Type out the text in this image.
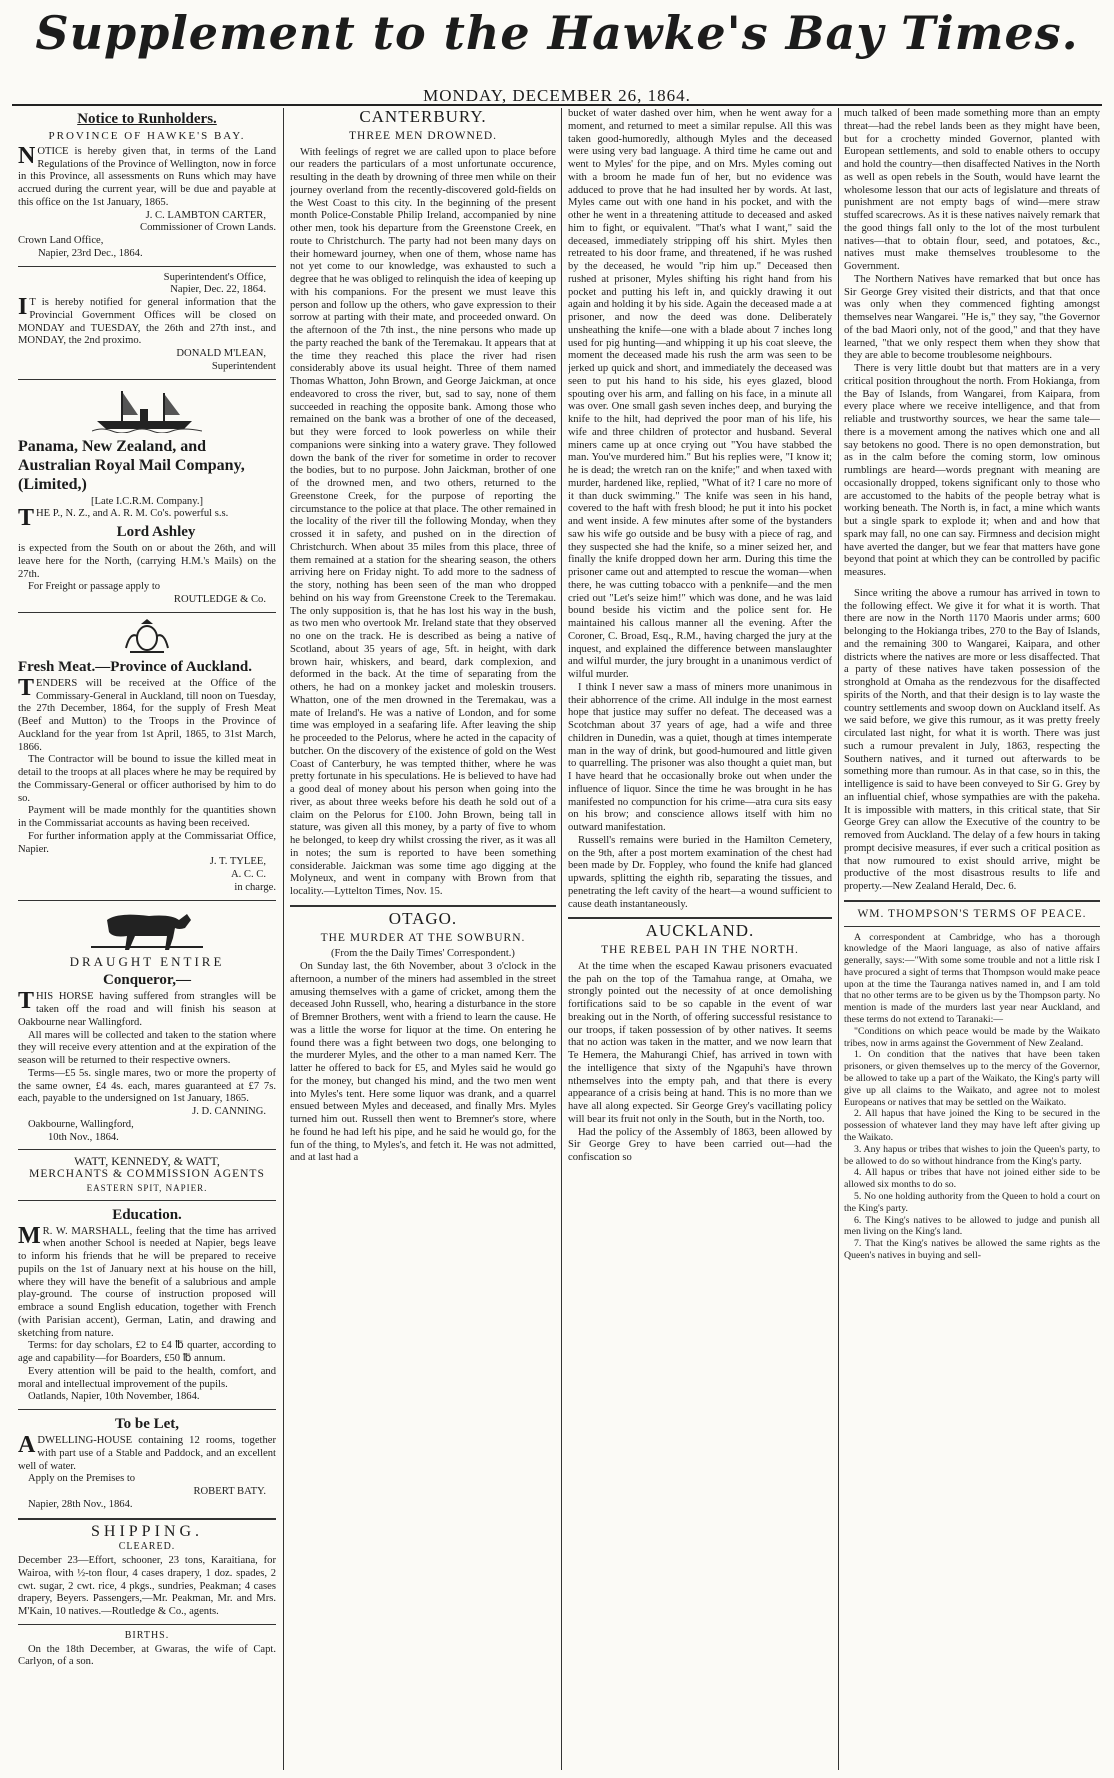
Supplement to the Hawke's Bay Times.
MONDAY, DECEMBER 26, 1864.
Notice to Runholders.
PROVINCE OF HAWKE'S BAY.

NOTICE is hereby given that, in terms of the Land Regulations of the Province of Wellington, now in force in this Province, all assessments on Runs which may have accrued during the current year, will be due and payable at this office on the 1st January, 1865.

J. C. LAMBTON CARTER,

Commissioner of Crown Lands.

Crown Land Office,

Napier, 23rd Dec., 1864.

Superintendent's Office,

Napier, Dec. 22, 1864.

IT is hereby notified for general information that the Provincial Government Offices will be closed on MONDAY and TUESDAY, the 26th and 27th inst., and MONDAY, the 2nd proximo.

DONALD M'LEAN,

Superintendent

Panama, New Zealand, and Australian Royal Mail Company, (Limited,)

[Late I.C.R.M. Company.]

THE P., N. Z., and A. R. M. Co's. powerful s.s.

Lord Ashley

is expected from the South on or about the 26th, and will leave here for the North, (carrying H.M.'s Mails) on the 27th.

For Freight or passage apply to

ROUTLEDGE & Co.

Fresh Meat.—Province of Auckland.

TENDERS will be received at the Office of the Commissary-General in Auckland, till noon on Tuesday, the 27th December, 1864, for the supply of Fresh Meat (Beef and Mutton) to the Troops in the Province of Auckland for the year from 1st April, 1865, to 31st March, 1866.

The Contractor will be bound to issue the killed meat in detail to the troops at all places where he may be required by the Commissary-General or officer authorised by him to do so.

Payment will be made monthly for the quantities shown in the Commissariat accounts as having been received.

For further information apply at the Commissariat Office, Napier.

J. T. TYLEE,

A. C. C.

in charge.

DRAUGHT ENTIRE
Conqueror,—

THIS HORSE having suffered from strangles will be taken off the road and will finish his season at Oakbourne near Wallingford.

All mares will be collected and taken to the station where they will receive every attention and at the expiration of the season will be returned to their respective owners.

Terms—£5 5s. single mares, two or more the property of the same owner, £4 4s. each, mares guaranteed at £7 7s. each, payable to the undersigned on 1st January, 1865.

J. D. CANNING.

Oakbourne, Wallingford,

10th Nov., 1864.

WATT, KENNEDY, & WATT,
MERCHANTS & COMMISSION AGENTS
EASTERN SPIT, NAPIER.
Education.

MR. W. MARSHALL, feeling that the time has arrived when another School is needed at Napier, begs leave to inform his friends that he will be prepared to receive pupils on the 1st of January next at his house on the hill, where they will have the benefit of a salubrious and ample play-ground. The course of instruction proposed will embrace a sound English education, together with French (with Parisian accent), German, Latin, and drawing and sketching from nature.

Terms: for day scholars, £2 to £4 ℔ quarter, according to age and capability—for Boarders, £50 ℔ annum.

Every attention will be paid to the health, comfort, and moral and intellectual improvement of the pupils.

Oatlands, Napier, 10th November, 1864.

To be Let,

ADWELLING-HOUSE containing 12 rooms, together with part use of a Stable and Paddock, and an excellent well of water.

Apply on the Premises to

ROBERT BATY.

Napier, 28th Nov., 1864.

SHIPPING.
CLEARED.

December 23—Effort, schooner, 23 tons, Karaitiana, for Wairoa, with ½-ton flour, 4 cases drapery, 1 doz. spades, 2 cwt. sugar, 2 cwt. rice, 4 pkgs., sundries, Peakman; 4 cases drapery, Beyers. Passengers,—Mr. Peakman, Mr. and Mrs. M'Kain, 10 natives.—Routledge & Co., agents.

BIRTHS.

On the 18th December, at Gwaras, the wife of Capt. Carlyon, of a son.

CANTERBURY.
THREE MEN DROWNED.

With feelings of regret we are called upon to place before our readers the particulars of a most unfortunate occurence, resulting in the death by drowning of three men while on their journey overland from the recently-discovered gold-fields on the West Coast to this city. In the beginning of the present month Police-Constable Philip Ireland, accompanied by nine other men, took his departure from the Greenstone Creek, en route to Christchurch. The party had not been many days on their homeward journey, when one of them, whose name has not yet come to our knowledge, was exhausted to such a degree that he was obliged to relinquish the idea of keeping up with his companions. For the present we must leave this person and follow up the others, who gave expression to their sorrow at parting with their mate, and proceeded onward. On the afternoon of the 7th inst., the nine persons who made up the party reached the bank of the Teremakau. It appears that at the time they reached this place the river had risen considerably above its usual height. Three of them named Thomas Whatton, John Brown, and George Jaickman, at once endeavored to cross the river, but, sad to say, none of them succeeded in reaching the opposite bank. Among those who remained on the bank was a brother of one of the deceased, but they were forced to look powerless on while their companions were sinking into a watery grave. They followed down the bank of the river for sometime in order to recover the bodies, but to no purpose. John Jaickman, brother of one of the drowned men, and two others, returned to the Greenstone Creek, for the purpose of reporting the circumstance to the police at that place. The other remained in the locality of the river till the following Monday, when they crossed it in safety, and pushed on in the direction of Christchurch. When about 35 miles from this place, three of them remained at a station for the shearing season, the others arriving here on Friday night. To add more to the sadness of the story, nothing has been seen of the man who dropped behind on his way from Greenstone Creek to the Teremakau. The only supposition is, that he has lost his way in the bush, as two men who overtook Mr. Ireland state that they observed no one on the track. He is described as being a native of Scotland, about 35 years of age, 5ft. in height, with dark brown hair, whiskers, and beard, dark complexion, and deformed in the back. At the time of separating from the others, he had on a monkey jacket and moleskin trousers. Whatton, one of the men drowned in the Teremakau, was a mate of Ireland's. He was a native of London, and for some time was employed in a seafaring life. After leaving the ship he proceeded to the Pelorus, where he acted in the capacity of butcher. On the discovery of the existence of gold on the West Coast of Canterbury, he was tempted thither, where he was pretty fortunate in his speculations. He is believed to have had a good deal of money about his person when going into the river, as about three weeks before his death he sold out of a claim on the Pelorus for £100. John Brown, being tall in stature, was given all this money, by a party of five to whom he belonged, to keep dry whilst crossing the river, as it was all in notes; the sum is reported to have been something considerable. Jaickman was some time ago digging at the Molyneux, and went in company with Brown from that locality.—Lyttelton Times, Nov. 15.

OTAGO.
THE MURDER AT THE SOWBURN.

(From the the Daily Times' Correspondent.)

On Sunday last, the 6th November, about 3 o'clock in the afternoon, a number of the miners had assembled in the street amusing themselves with a game of cricket, among them the deceased John Russell, who, hearing a disturbance in the store of Bremner Brothers, went with a friend to learn the cause. He was a little the worse for liquor at the time. On entering he found there was a fight between two dogs, one belonging to the murderer Myles, and the other to a man named Kerr. The latter he offered to back for £5, and Myles said he would go for the money, but changed his mind, and the two men went into Myles's tent. Here some liquor was drank, and a quarrel ensued between Myles and deceased, and finally Mrs. Myles turned him out. Russell then went to Bremner's store, where he found he had left his pipe, and he said he would go, for the fun of the thing, to Myles's, and fetch it. He was not admitted, and at last had a

bucket of water dashed over him, when he went away for a moment, and returned to meet a similar repulse. All this was taken good-humoredly, although Myles and the deceased were using very bad language. A third time he came out and went to Myles' for the pipe, and on Mrs. Myles coming out with a broom he made fun of her, but no evidence was adduced to prove that he had insulted her by words. At last, Myles came out with one hand in his pocket, and with the other he went in a threatening attitude to deceased and asked him to fight, or equivalent. "That's what I want," said the deceased, immediately stripping off his shirt. Myles then retreated to his door frame, and threatened, if he was rushed by the deceased, he would "rip him up." Deceased then rushed at prisoner, Myles shifting his right hand from his pocket and putting his left in, and quickly drawing it out again and holding it by his side. Again the deceased made a at prisoner, and now the deed was done. Deliberately unsheathing the knife—one with a blade about 7 inches long used for pig hunting—and whipping it up his coat sleeve, the moment the deceased made his rush the arm was seen to be jerked up quick and short, and immediately the deceased was seen to put his hand to his side, his eyes glazed, blood spouting over his arm, and falling on his face, in a minute all was over. One small gash seven inches deep, and burying the knife to the hilt, had deprived the poor man of his life, his wife and three children of protector and husband. Several miners came up at once crying out "You have stabbed the man. You've murdered him." But his replies were, "I know it; he is dead; the wretch ran on the knife;" and when taxed with murder, hardened like, replied, "What of it? I care no more of it than duck swimming." The knife was seen in his hand, covered to the haft with fresh blood; he put it into his pocket and went inside. A few minutes after some of the bystanders saw his wife go outside and be busy with a piece of rag, and they suspected she had the knife, so a miner seized her, and finally the knife dropped down her arm. During this time the prisoner came out and attempted to rescue the woman—when there, he was cutting tobacco with a penknife—and the men cried out "Let's seize him!" which was done, and he was laid bound beside his victim and the police sent for. He maintained his callous manner all the evening. After the Coroner, C. Broad, Esq., R.M., having charged the jury at the inquest, and explained the difference between manslaughter and wilful murder, the jury brought in a unanimous verdict of wilful murder.

I think I never saw a mass of miners more unanimous in their abhorrence of the crime. All indulge in the most earnest hope that justice may suffer no defeat. The deceased was a Scotchman about 37 years of age, had a wife and three children in Dunedin, was a quiet, though at times intemperate man in the way of drink, but good-humoured and little given to quarrelling. The prisoner was also thought a quiet man, but I have heard that he occasionally broke out when under the influence of liquor. Since the time he was brought in he has manifested no compunction for his crime—atra cura sits easy on his brow; and conscience allows itself with him no outward manifestation.

Russell's remains were buried in the Hamilton Cemetery, on the 9th, after a post mortem examination of the chest had been made by Dr. Foppley, who found the knife had glanced upwards, splitting the eighth rib, separating the tissues, and penetrating the left cavity of the heart—a wound sufficient to cause death instantaneously.

AUCKLAND.
THE REBEL PAH IN THE NORTH.

At the time when the escaped Kawau prisoners evacuated the pah on the top of the Tamahua range, at Omaha, we strongly pointed out the necessity of at once demolishing fortifications said to be so capable in the event of war breaking out in the North, of offering successful resistance to our troops, if taken possession of by other natives. It seems that no action was taken in the matter, and we now learn that Te Hemera, the Mahurangi Chief, has arrived in town with the intelligence that sixty of the Ngapuhi's have thrown nthemselves into the empty pah, and that there is every appearance of a crisis being at hand. This is no more than we have all along expected. Sir George Grey's vacillating policy will bear its fruit not only in the South, but in the North, too.

Had the policy of the Assembly of 1863, been allowed by Sir George Grey to have been carried out—had the confiscation so

much talked of been made something more than an empty threat—had the rebel lands been as they might have been, but for a crochetty minded Governor, planted with European settlements, and sold to enable others to occupy and hold the country—then disaffected Natives in the North as well as open rebels in the South, would have learnt the wholesome lesson that our acts of legislature and threats of punishment are not empty bags of wind—mere straw stuffed scarecrows. As it is these natives naively remark that the good things fall only to the lot of the most turbulent natives—that to obtain flour, seed, and potatoes, &c., natives must make themselves troublesome to the Government.

The Northern Natives have remarked that but once has Sir George Grey visited their districts, and that that once was only when they commenced fighting amongst themselves near Wangarei. "He is," they say, "the Governor of the bad Maori only, not of the good," and that they have learned, "that we only respect them when they show that they are able to become troublesome neighbours.

There is very little doubt but that matters are in a very critical position throughout the north. From Hokianga, from the Bay of Islands, from Wangarei, from Kaipara, from every place where we receive intelligence, and that from reliable and trustworthy sources, we hear the same tale—there is a movement among the natives which one and all say betokens no good. There is no open demonstration, but as in the calm before the coming storm, low ominous rumblings are heard—words pregnant with meaning are occasionally dropped, tokens significant only to those who are accustomed to the habits of the people betray what is working beneath. The North is, in fact, a mine which wants but a single spark to explode it; when and and how that spark may fall, no one can say. Firmness and decision might have averted the danger, but we fear that matters have gone beyond that point at which they can be controlled by pacific measures.

Since writing the above a rumour has arrived in town to the following effect. We give it for what it is worth. That there are now in the North 1170 Maoris under arms; 600 belonging to the Hokianga tribes, 270 to the Bay of Islands, and the remaining 300 to Wangarei, Kaipara, and other districts where the natives are more or less disaffected. That a party of these natives have taken possession of the stronghold at Omaha as the rendezvous for the disaffected spirits of the North, and that their design is to lay waste the country settlements and swoop down on Auckland itself. As we said before, we give this rumour, as it was pretty freely circulated last night, for what it is worth. There was just such a rumour prevalent in July, 1863, respecting the Southern natives, and it turned out afterwards to be something more than rumour. As in that case, so in this, the intelligence is said to have been conveyed to Sir G. Grey by an influential chief, whose sympathies are with the pakeha. It is impossible with matters, in this critical state, that Sir George Grey can allow the Executive of the country to be removed from Auckland. The delay of a few hours in taking prompt decisive measures, if ever such a critical position as that now rumoured to exist should arrive, might be productive of the most disastrous results to life and property.—New Zealand Herald, Dec. 6.

WM. THOMPSON'S TERMS OF PEACE.

A correspondent at Cambridge, who has a thorough knowledge of the Maori language, as also of native affairs generally, says:—"With some some trouble and not a little risk I have procured a sight of terms that Thompson would make peace upon at the time the Tauranga natives named in, and I am told that no other terms are to be given us by the Thompson party. No mention is made of the murders last year near Auckland, and these terms do not extend to Taranaki:—

"Conditions on which peace would be made by the Waikato tribes, now in arms against the Government of New Zealand.

1. On condition that the natives that have been taken prisoners, or given themselves up to the mercy of the Governor, be allowed to take up a part of the Waikato, the King's party will give up all claims to the Waikato, and agree not to molest Europeans or natives that may be settled on the Waikato.

2. All hapus that have joined the King to be secured in the possession of whatever land they may have left after giving up the Waikato.

3. Any hapus or tribes that wishes to join the Queen's party, to be allowed to do so without hindrance from the King's party.

4. All hapus or tribes that have not joined either side to be allowed six months to do so.

5. No one holding authority from the Queen to hold a court on the King's party.

6. The King's natives to be allowed to judge and punish all men living on the King's land.

7. That the King's natives be allowed the same rights as the Queen's natives in buying and sell-
